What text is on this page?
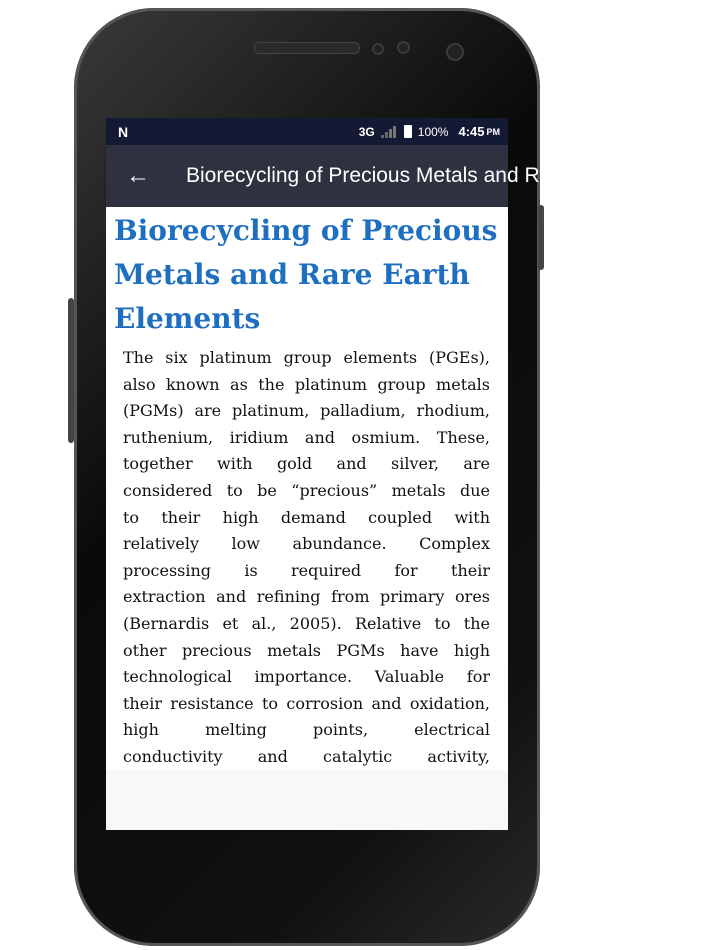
N	3G	100% 4:45 PM
←	Biorecycling of Precious Metals and Rare Earth Elements
Biorecycling of Precious
Metals and Rare Earth
Elements
The six platinum group elements (PGEs),
also known as the platinum group metals
(PGMs) are platinum, palladium, rhodium,
ruthenium, iridium and osmium. These,
together with gold and silver, are
considered to be “precious” metals due
to their high demand coupled with
relatively low abundance. Complex
processing is required for their
extraction and refining from primary ores
(Bernardis et al., 2005). Relative to the
other precious metals PGMs have high
technological importance. Valuable for
their resistance to corrosion and oxidation,
high melting points, electrical
conductivity and catalytic activity,
